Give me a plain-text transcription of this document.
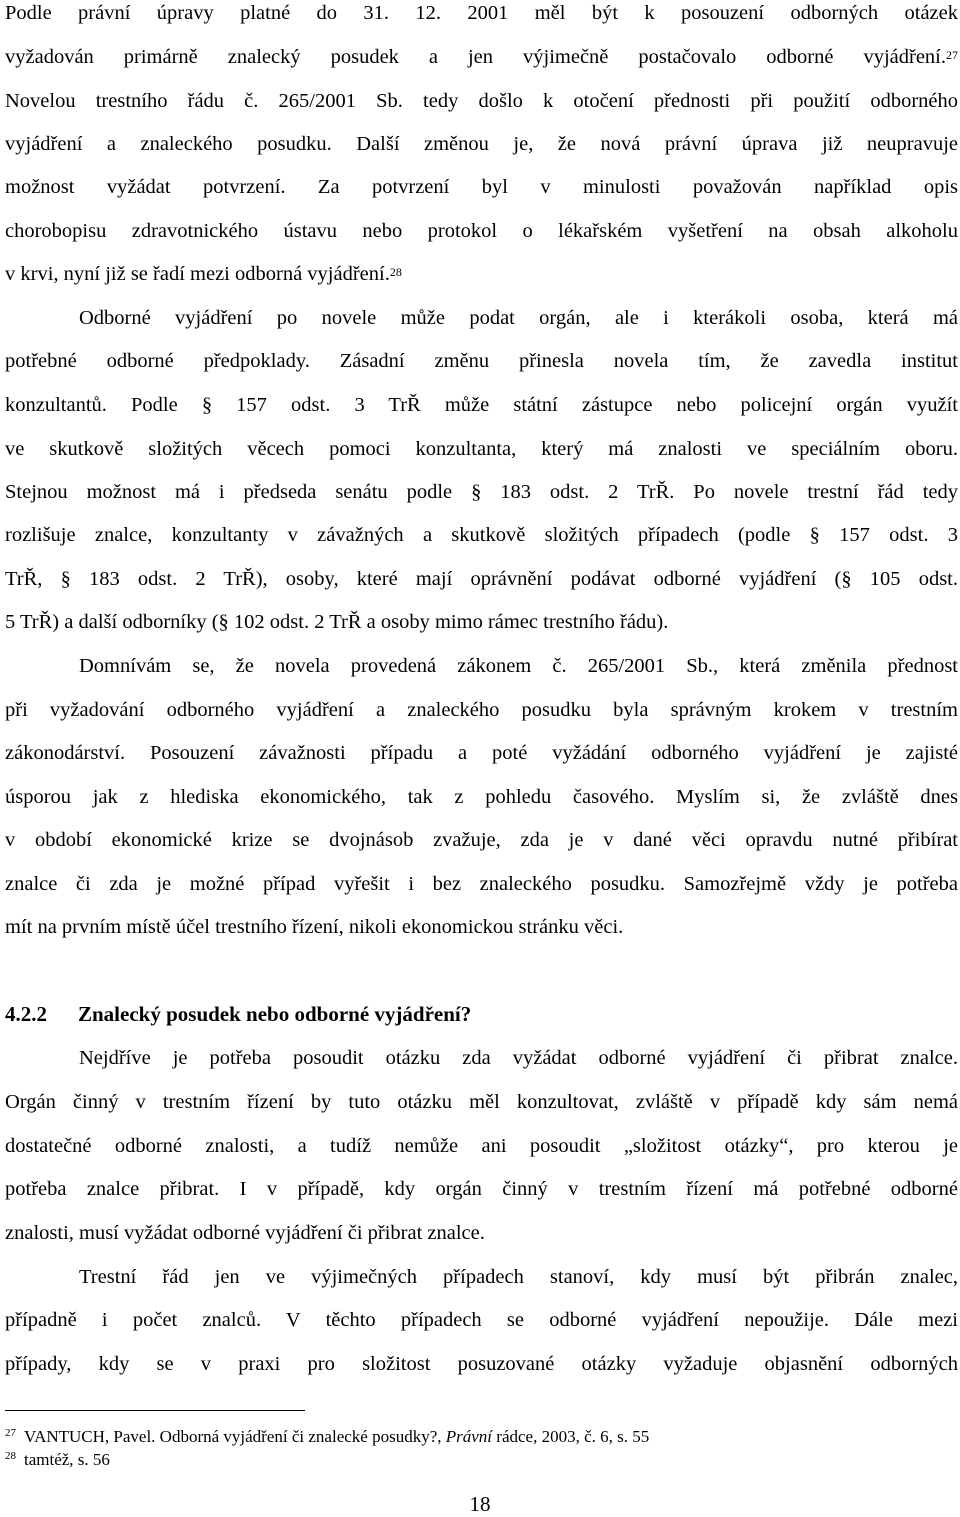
Podle právní úpravy platné do 31. 12. 2001 měl být k posouzení odborných otázek
vyžadován primárně znalecký posudek a jen výjimečně postačovalo odborné vyjádření.$^{27}$
Novelou trestního řádu č. 265/2001 Sb. tedy došlo k otočení přednosti při použití odborného
vyjádření a znaleckého posudku. Další změnou je, že nová právní úprava již neupravuje
možnost vyžádat potvrzení. Za potvrzení byl v minulosti považován například opis
chorobopisu zdravotnického ústavu nebo protokol o lékařském vyšetření na obsah alkoholu
v krvi, nyní již se řadí mezi odborná vyjádření.$^{28}$
Odborné vyjádření po novele může podat orgán, ale i kterákoli osoba, která má
potřebné odborné předpoklady. Zásadní změnu přinesla novela tím, že zavedla institut
konzultantů. Podle § 157 odst. 3 TrŘ může státní zástupce nebo policejní orgán využít
ve skutkově složitých věcech pomoci konzultanta, který má znalosti ve speciálním oboru.
Stejnou možnost má i předseda senátu podle § 183 odst. 2 TrŘ. Po novele trestní řád tedy
rozlišuje znalce, konzultanty v závažných a skutkově složitých případech (podle § 157 odst. 3
TrŘ, § 183 odst. 2 TrŘ), osoby, které mají oprávnění podávat odborné vyjádření (§ 105 odst.
5 TrŘ) a další odborníky (§ 102 odst. 2 TrŘ a osoby mimo rámec trestního řádu).
Domnívám se, že novela provedená zákonem č. 265/2001 Sb., která změnila přednost
při vyžadování odborného vyjádření a znaleckého posudku byla správným krokem v trestním
zákonodárství. Posouzení závažnosti případu a poté vyžádání odborného vyjádření je zajisté
úsporou jak z hlediska ekonomického, tak z pohledu časového. Myslím si, že zvláště dnes
v období ekonomické krize se dvojnásob zvažuje, zda je v dané věci opravdu nutné přibírat
znalce či zda je možné případ vyřešit i bez znaleckého posudku. Samozřejmě vždy je potřeba
mít na prvním místě účel trestního řízení, nikoli ekonomickou stránku věci.
4.2.2 Znalecký posudek nebo odborné vyjádření?
Nejdříve je potřeba posoudit otázku zda vyžádat odborné vyjádření či přibrat znalce.
Orgán činný v trestním řízení by tuto otázku měl konzultovat, zvláště v případě kdy sám nemá
dostatečné odborné znalosti, a tudíž nemůže ani posoudit „složitost otázky“, pro kterou je
potřeba znalce přibrat. I v případě, kdy orgán činný v trestním řízení má potřebné odborné
znalosti, musí vyžádat odborné vyjádření či přibrat znalce.
Trestní řád jen ve výjimečných případech stanoví, kdy musí být přibrán znalec,
případně i počet znalců. V těchto případech se odborné vyjádření nepoužije. Dále mezi
případy, kdy se v praxi pro složitost posuzované otázky vyžaduje objasnění odborných
$^{27}$ VANTUCH, Pavel. Odborná vyjádření či znalecké posudky?, Právní rádce, 2003, č. 6, s. 55
$^{28}$ tamtéž, s. 56
18
